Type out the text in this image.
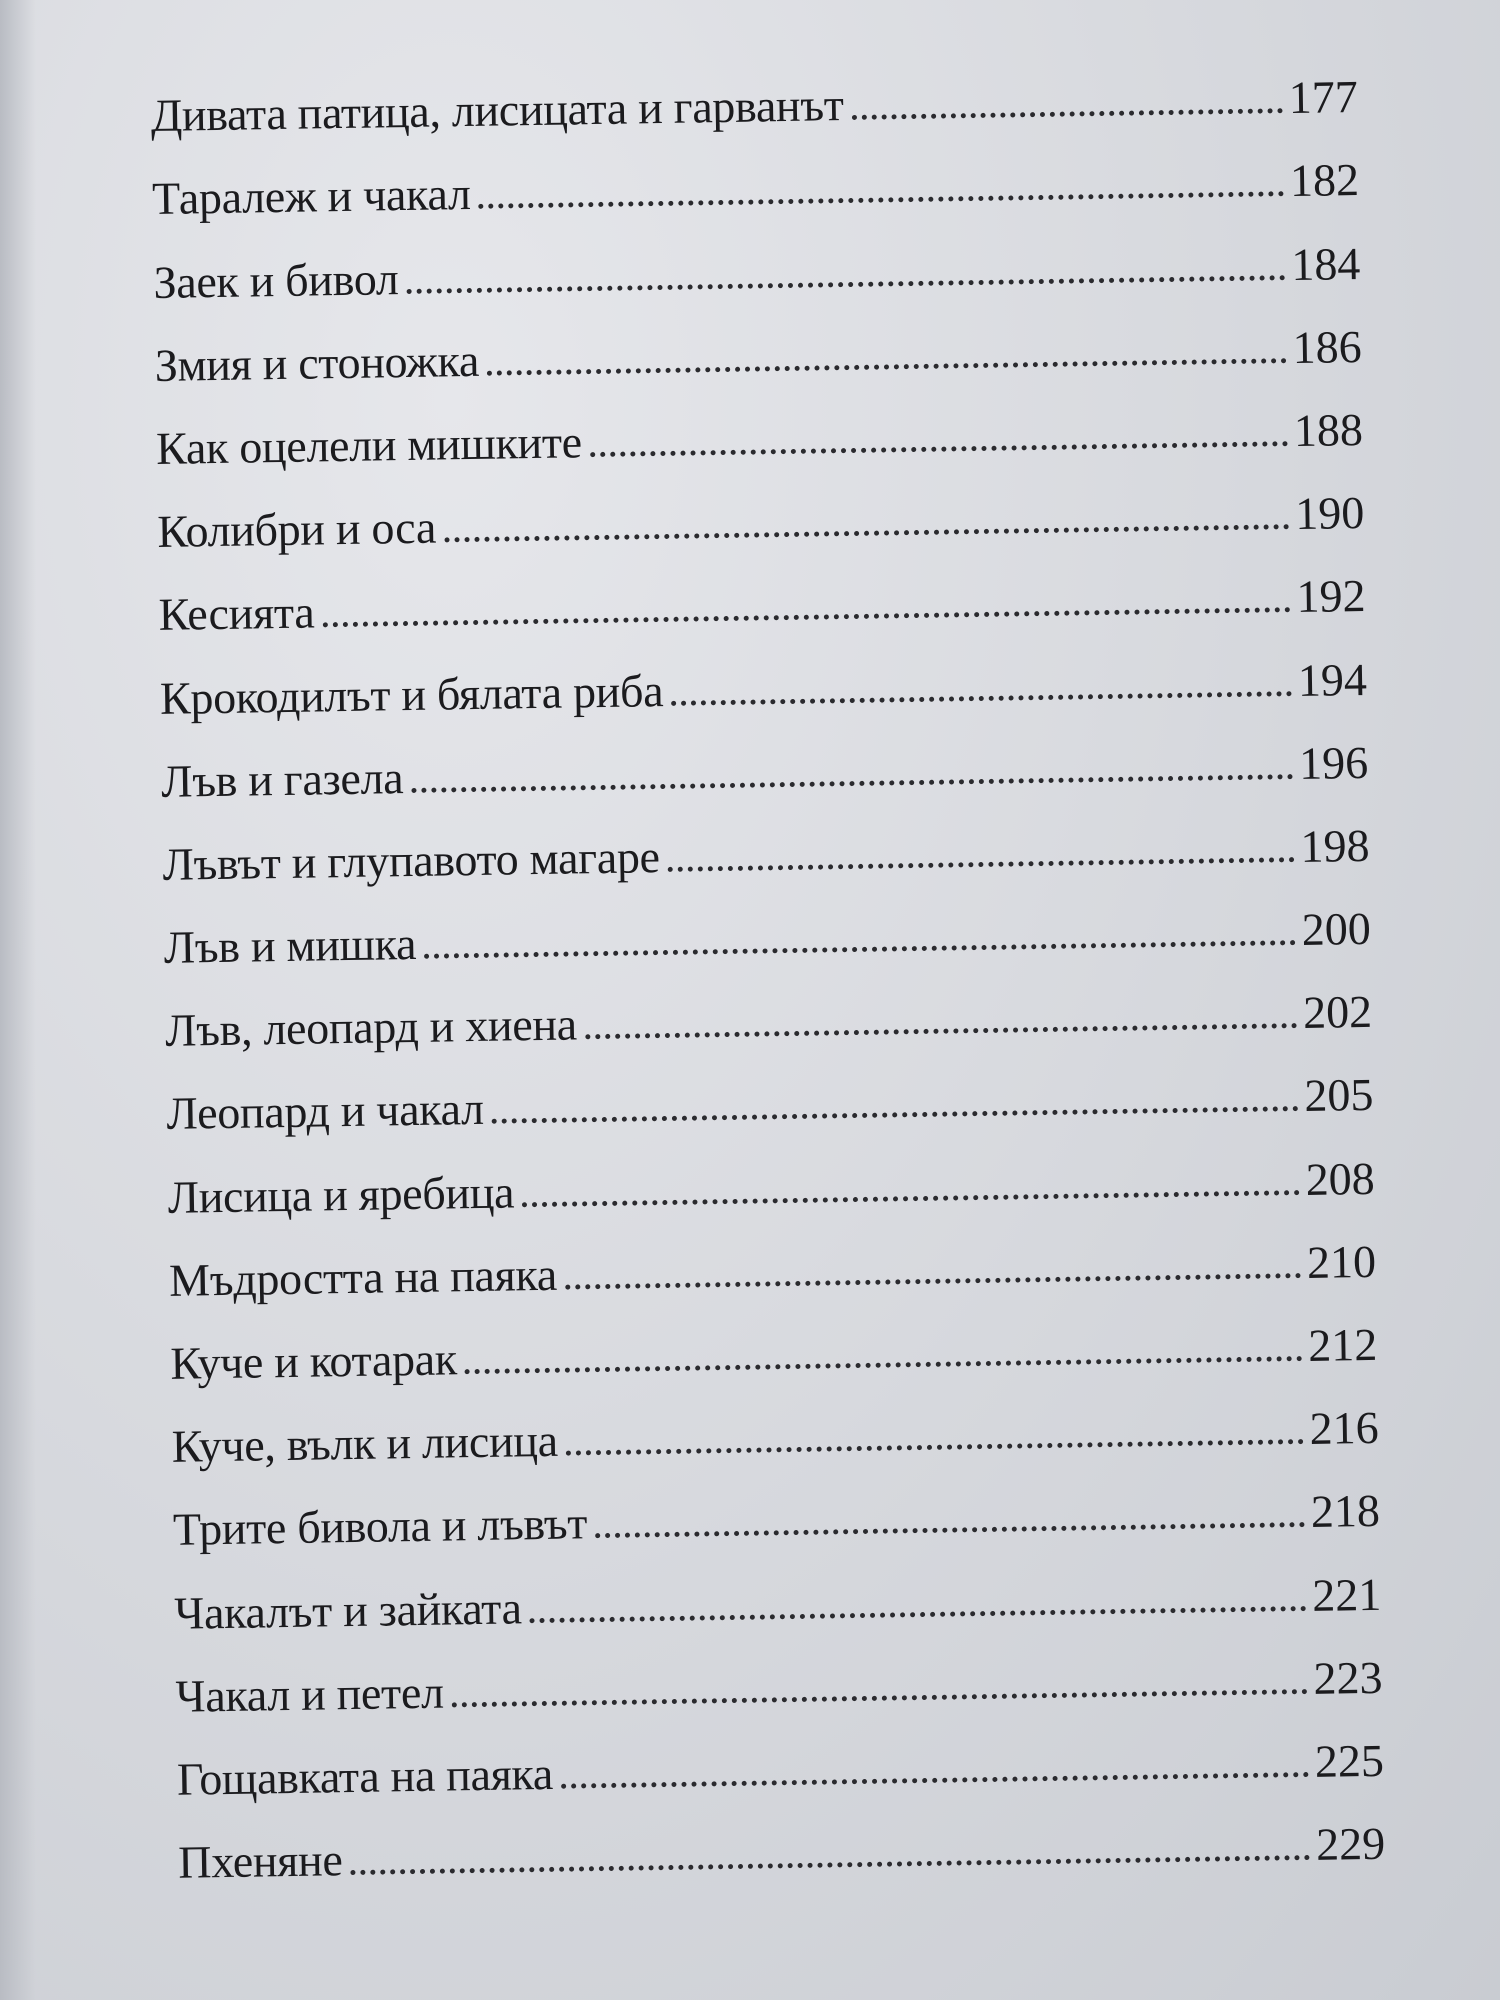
Дивата патица, лисицата и гарванът	177
Таралеж и чакал	182
Заек и бивол	184
Змия и стоножка	186
Как оцелели мишките	188
Колибри и оса	190
Кесията	192
Крокодилът и бялата риба	194
Лъв и газела	196
Лъвът и глупавото магаре	198
Лъв и мишка	200
Лъв, леопард и хиена	202
Леопард и чакал	205
Лисица и яребица	208
Мъдростта на паяка	210
Куче и котарак	212
Куче, вълк и лисица	216
Трите бивола и лъвът	218
Чакалът и зайката	221
Чакал и петел	223
Гощавката на паяка	225
Пхеняне	229
